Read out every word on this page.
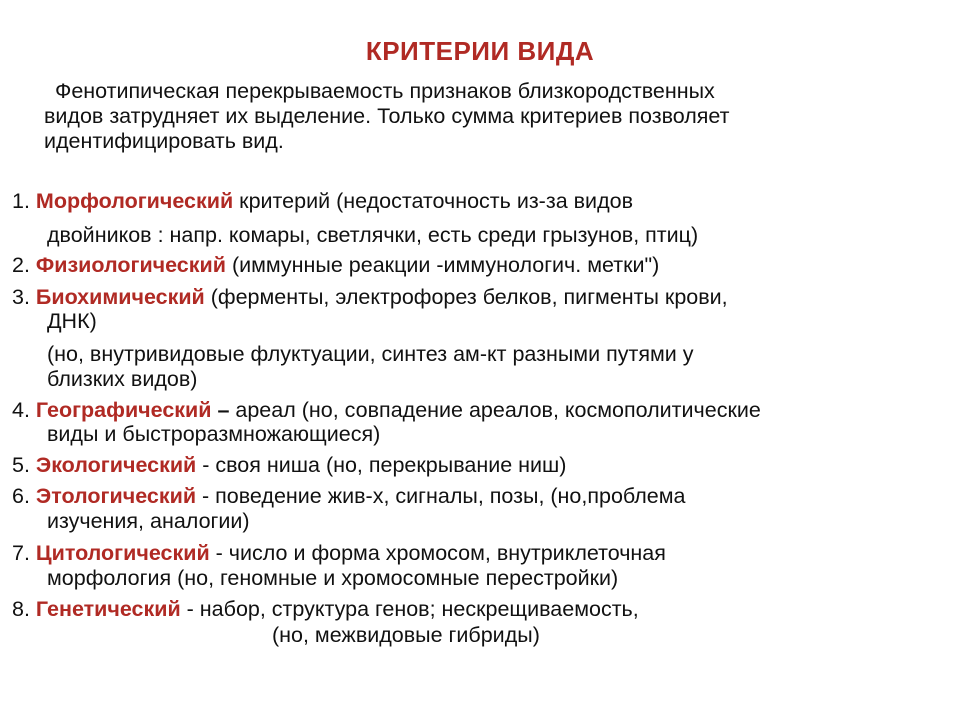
КРИТЕРИИ ВИДА
Фенотипическая перекрываемость признаков близкородственных
видов затрудняет их выделение. Только сумма критериев позволяет
идентифицировать вид.
1. Морфологический критерий (недостаточность из-за видов
двойников : напр. комары, светлячки, есть среди грызунов, птиц)
2. Физиологический (иммунные реакции -иммунологич. метки")
3. Биохимический (ферменты, электрофорез белков, пигменты крови,
ДНК)
(но, внутривидовые флуктуации, синтез ам-кт разными путями у
близких видов)
4. Географический – ареал (но, совпадение ареалов, космополитические
виды и быстроразмножающиеся)
5. Экологический - своя ниша (но, перекрывание ниш)
6. Этологический - поведение жив-х, сигналы, позы, (но,проблема
изучения, аналогии)
7. Цитологический - число и форма хромосом, внутриклеточная
морфология (но, геномные и хромосомные перестройки)
8. Генетический - набор, структура генов; нескрещиваемость,
(но, межвидовые гибриды)
